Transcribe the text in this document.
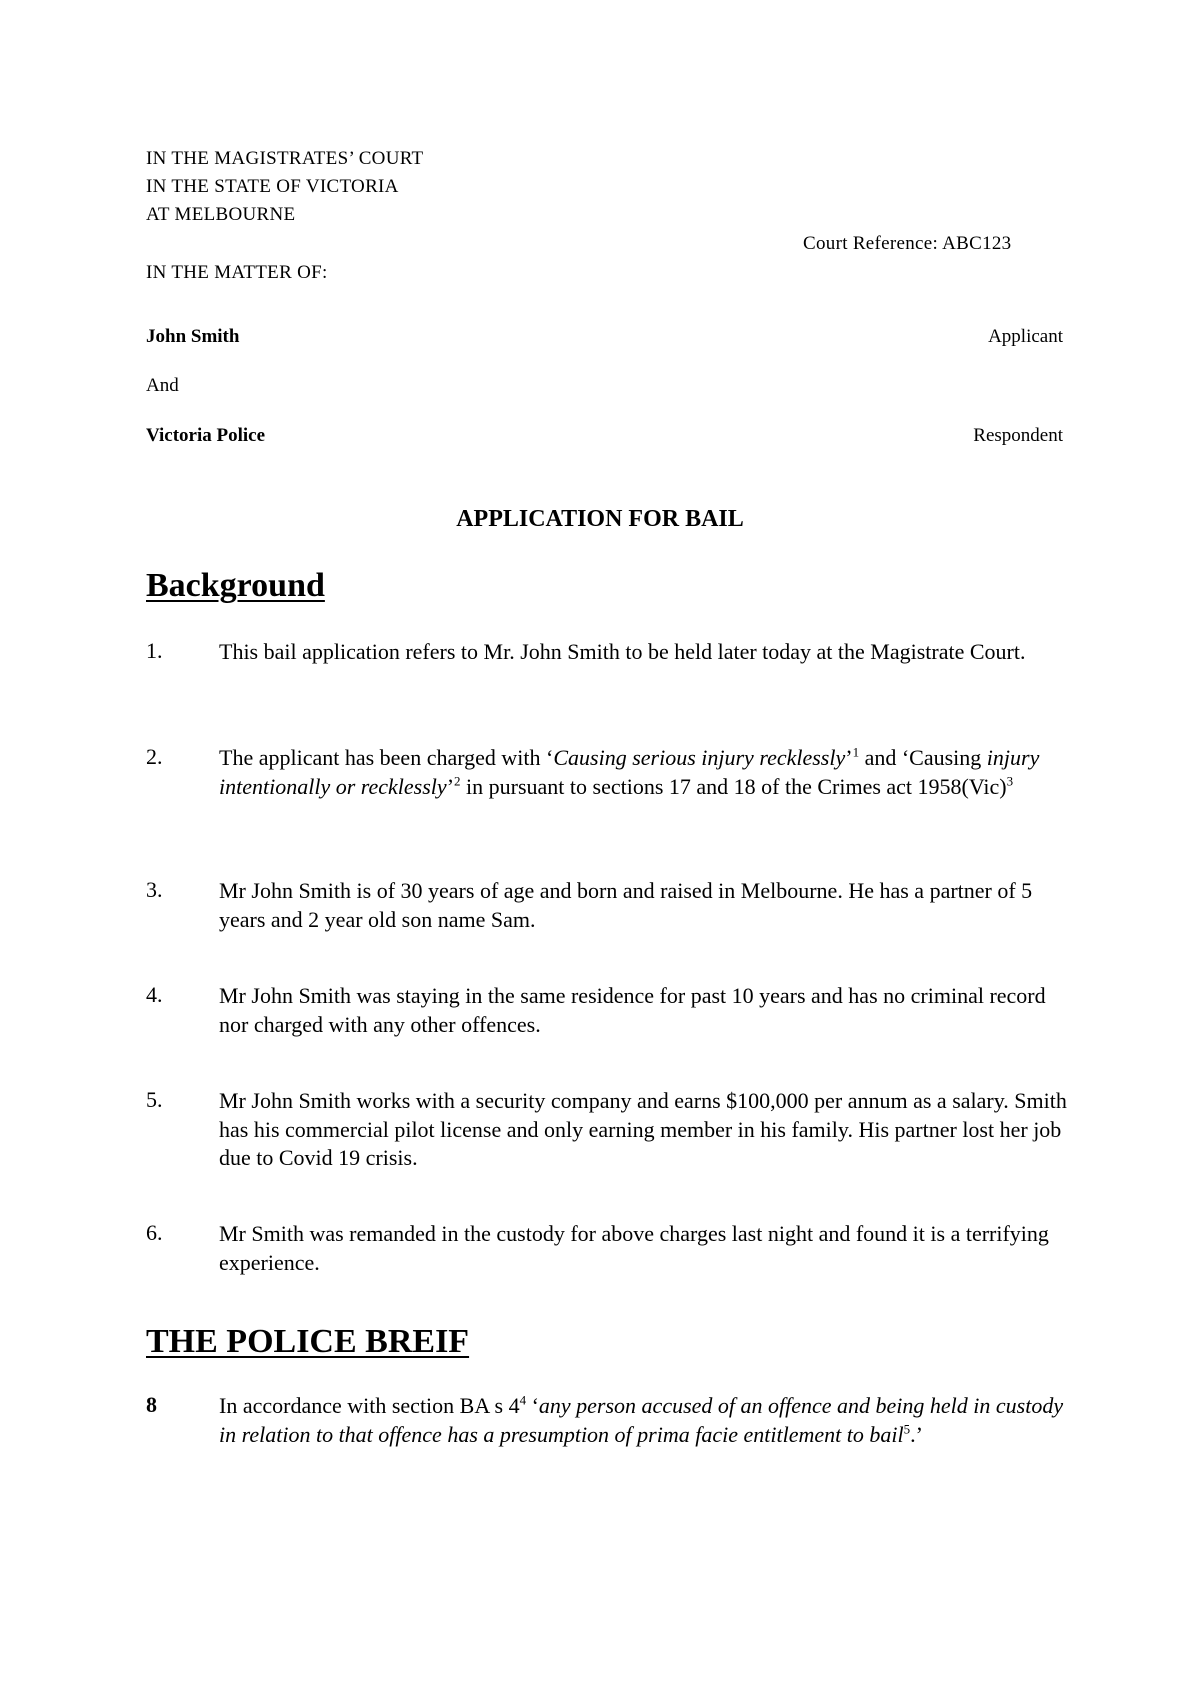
IN THE MAGISTRATES’ COURT
IN THE STATE OF VICTORIA
AT MELBOURNE
Court Reference: ABC123
IN THE MATTER OF:
John Smith	Applicant
And
Victoria Police	Respondent
APPLICATION FOR BAIL
Background
1.	This bail application refers to Mr. John Smith to be held later today at the Magistrate Court.
2.	The applicant has been charged with ‘Causing serious injury recklessly’$^1$ and ‘Causing injury intentionally or recklessly’$^2$ in pursuant to sections 17 and 18 of the Crimes act 1958(Vic)$^3$
3.	Mr John Smith is of 30 years of age and born and raised in Melbourne. He has a partner of 5 years and 2 year old son name Sam.
4.	Mr John Smith was staying in the same residence for past 10 years and has no criminal record nor charged with any other offences.
5.	Mr John Smith works with a security company and earns $100,000 per annum as a salary. Smith has his commercial pilot license and only earning member in his family. His partner lost her job due to Covid 19 crisis.
6.	Mr Smith was remanded in the custody for above charges last night and found it is a terrifying experience.
THE POLICE BREIF
8	In accordance with section BA s $4^4$ ‘any person accused of an offence and being held in custody in relation to that offence has a presumption of prima facie entitlement to bail$^5$.’
